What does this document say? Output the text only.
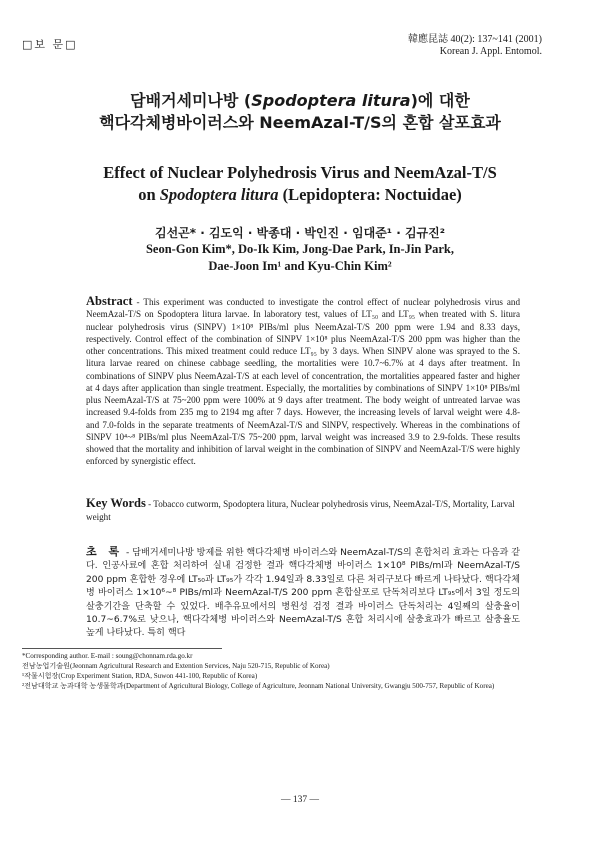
□보 문□	韓應昆誌 40(2): 137~141 (2001)
Korean J. Appl. Entomol.
담배거세미나방 (Spodoptera litura)에 대한
핵다각체병바이러스와 NeemAzal-T/S의 혼합 살포효과
Effect of Nuclear Polyhedrosis Virus and NeemAzal-T/S
on Spodoptera litura (Lepidoptera: Noctuidae)
김선곤* · 김도익 · 박종대 · 박인진 · 임대준¹ · 김규진²
Seon-Gon Kim*, Do-Ik Kim, Jong-Dae Park, In-Jin Park,
Dae-Joon Im¹ and Kyu-Chin Kim²
Abstract - This experiment was conducted to investigate the control effect of nuclear polyhedrosis virus and NeemAzal-T/S on Spodoptera litura larvae. In laboratory test, values of LT₅₀ and LT₉₅ when treated with S. litura nuclear polyhedrosis virus (SlNPV) 1×10⁸ PIBs/ml plus NeemAzal-T/S 200 ppm were 1.94 and 8.33 days, respectively. Control effect of the combination of SlNPV 1×10⁸ plus NeemAzal-T/S 200 ppm was higher than the other concentrations. This mixed treatment could reduce LT₉₅ by 3 days. When SlNPV alone was sprayed to the S. litura larvae reared on chinese cabbage seedling, the mortalities were 10.7~6.7% at 4 days after treatment. In combinations of SlNPV plus NeemAzal-T/S at each level of concentration, the mortalities appeared faster and higher at 4 days after application than single treatment. Especially, the mortalities by combinations of SlNPV 1×10⁸ PIBs/ml plus NeemAzal-T/S at 75~200 ppm were 100% at 9 days after treatment. The body weight of untreated larvae was increased 9.4-folds from 235 mg to 2194 mg after 7 days. However, the increasing levels of larval weight were 4.8- and 7.0-folds in the separate treatments of NeemAzal-T/S and SlNPV, respectively. Whereas in the combinations of SlNPV 10⁴~⁸ PIBs/ml plus NeemAzal-T/S 75~200 ppm, larval weight was increased 3.9 to 2.9-folds. These results showed that the mortality and inhibition of larval weight in the combination of SlNPV and NeemAzal-T/S were highly enforced by synergistic effect.
Key Words - Tobacco cutworm, Spodoptera litura, Nuclear polyhedrosis virus, NeemAzal-T/S, Mortality, Larval weight
초 록 - 담배거세미나방 방제를 위한 핵다각체병 바이러스와 NeemAzal-T/S의 혼합처리 효과는 다음과 같다. 인공사료에 혼합 처리하여 실내 검정한 결과 핵다각체병 바이러스 1×10⁸ PIBs/ml과 NeemAzal-T/S 200 ppm 혼합한 경우에 LT₅₀과 LT₉₅가 각각 1.94일과 8.33일로 다른 처리구보다 빠르게 나타났다. 핵다각체병 바이러스 1×10⁶~⁸ PIBs/ml과 NeemAzal-T/S 200 ppm 혼합살포로 단독처리보다 LT₉₅에서 3일 정도의 살충기간을 단축할 수 있었다. 배추유묘에서의 병원성 검정 결과 바이러스 단독처리는 4일째의 살충율이 10.7~6.7%로 낮으나, 핵다각체병 바이러스와 NeemAzal-T/S 혼합 처리시에 살충효과가 빠르고 살충율도 높게 나타났다. 특히 핵다
*Corresponding author. E-mail : soung@chonnam.rda.go.kr
전남농업기술원(Jeonnam Agricultural Research and Extention Services, Naju 520-715, Republic of Korea)
¹작물시험장(Crop Experiment Station, RDA, Suwon 441-100, Republic of Korea)
²전남대학교 농과대학 농생물학과(Department of Agricultural Biology, College of Agriculture, Jeonnam National University, Gwangju 500-757, Republic of Korea)
— 137 —
